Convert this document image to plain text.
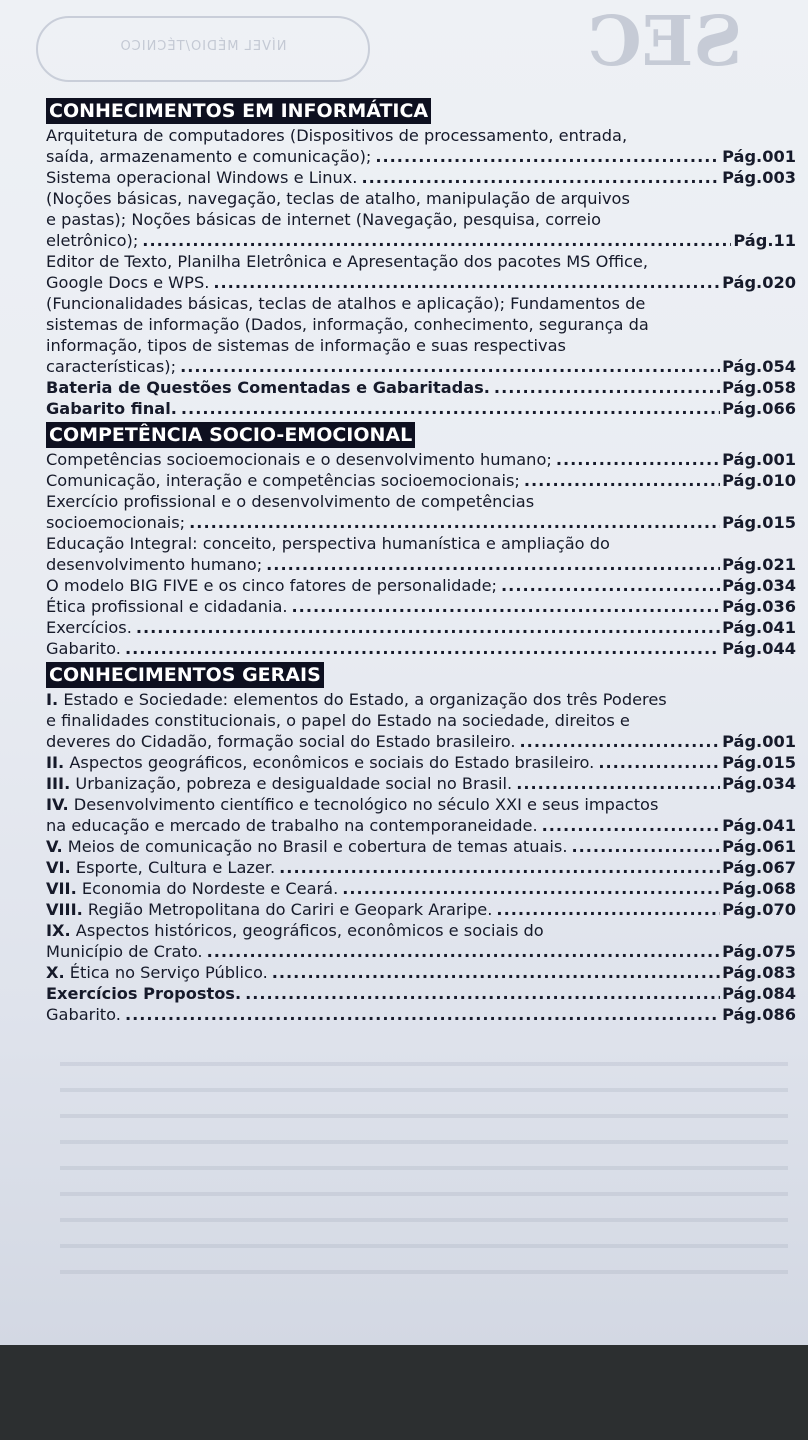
NÍVEL MÉDIO/TÉCNICO	SEC
CONHECIMENTOS EM INFORMÁTICA
Arquitetura de computadores (Dispositivos de processamento, entrada,
saída, armazenamento e comunicação); .....	Pág.001
Sistema operacional Windows e Linux. .....	Pág.003
(Noções básicas, navegação, teclas de atalho, manipulação de arquivos
e pastas); Noções básicas de internet (Navegação, pesquisa, correio
eletrônico); .....	Pág.11
Editor de Texto, Planilha Eletrônica e Apresentação dos pacotes MS Office,
Google Docs e WPS. .....	Pág.020
(Funcionalidades básicas, teclas de atalhos e aplicação); Fundamentos de
sistemas de informação (Dados, informação, conhecimento, segurança da
informação, tipos de sistemas de informação e suas respectivas
características); .....	Pág.054
Bateria de Questões Comentadas e Gabaritadas. .....	Pág.058
Gabarito final. .....	Pág.066
COMPETÊNCIA SOCIO-EMOCIONAL
Competências socioemocionais e o desenvolvimento humano; .....	Pág.001
Comunicação, interação e competências socioemocionais; .....	Pág.010
Exercício profissional e o desenvolvimento de competências
socioemocionais; .....	Pág.015
Educação Integral: conceito, perspectiva humanística e ampliação do
desenvolvimento humano; .....	Pág.021
O modelo BIG FIVE e os cinco fatores de personalidade; .....	Pág.034
Ética profissional e cidadania. .....	Pág.036
Exercícios. .....	Pág.041
Gabarito. .....	Pág.044
CONHECIMENTOS GERAIS
I. Estado e Sociedade: elementos do Estado, a organização dos três Poderes
e finalidades constitucionais, o papel do Estado na sociedade, direitos e
deveres do Cidadão, formação social do Estado brasileiro. .....	Pág.001
II. Aspectos geográficos, econômicos e sociais do Estado brasileiro. .....	Pág.015
III. Urbanização, pobreza e desigualdade social no Brasil. .....	Pág.034
IV. Desenvolvimento científico e tecnológico no século XXI e seus impactos
na educação e mercado de trabalho na contemporaneidade. .....	Pág.041
V. Meios de comunicação no Brasil e cobertura de temas atuais. .....	Pág.061
VI. Esporte, Cultura e Lazer. .....	Pág.067
VII. Economia do Nordeste e Ceará. .....	Pág.068
VIII. Região Metropolitana do Cariri e Geopark Araripe. .....	Pág.070
IX. Aspectos históricos, geográficos, econômicos e sociais do
Município de Crato. .....	Pág.075
X. Ética no Serviço Público. .....	Pág.083
Exercícios Propostos. .....	Pág.084
Gabarito. .....	Pág.086
